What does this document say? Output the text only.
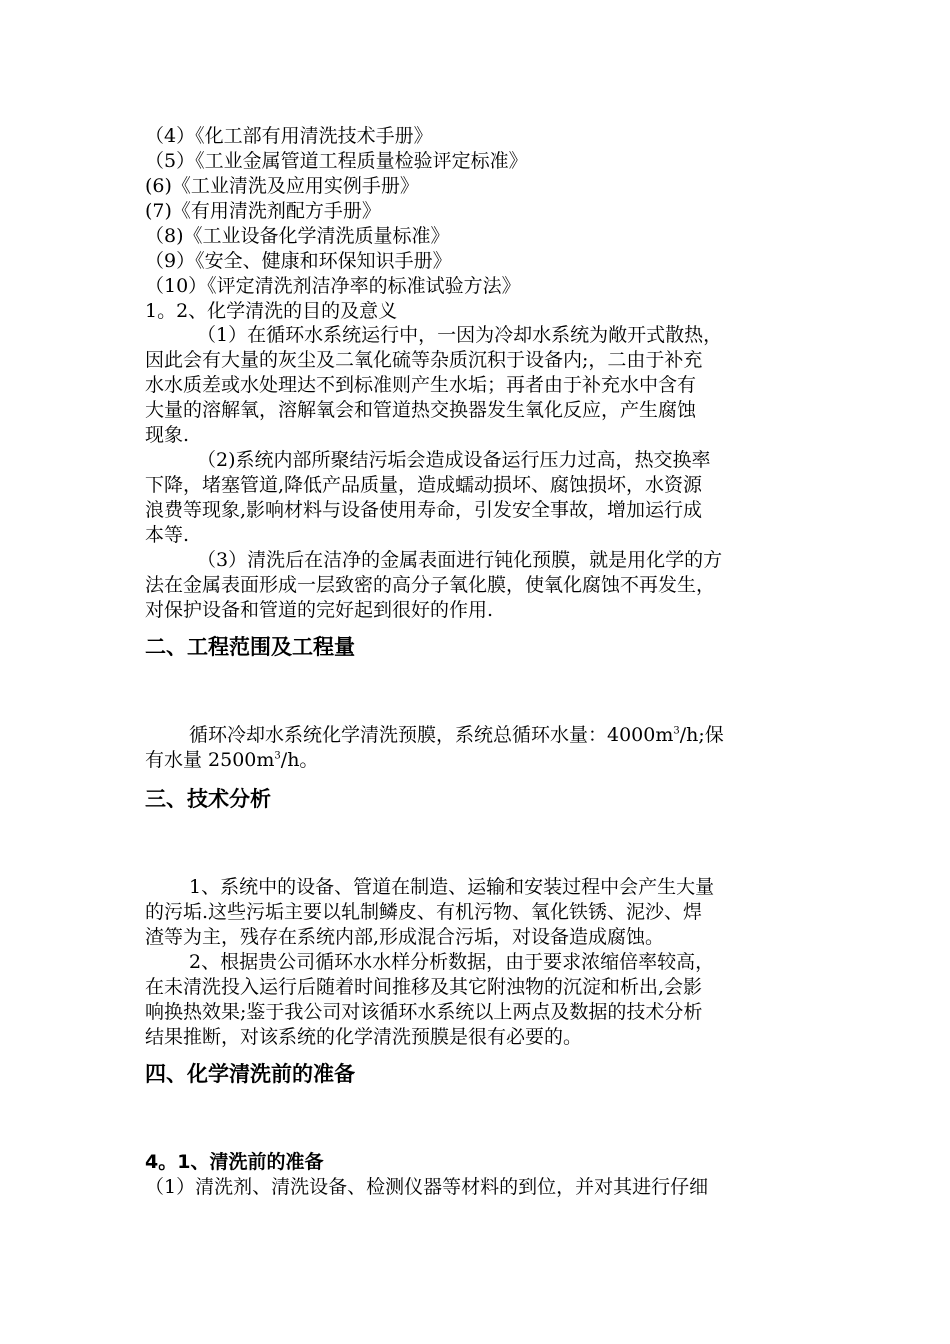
（4）《化工部有用清洗技术手册》
（5）《工业金属管道工程质量检验评定标准》
(6)《工业清洗及应用实例手册》
(7)《有用清洗剂配方手册》
（8)《工业设备化学清洗质量标准》
（9）《安全、健康和环保知识手册》
（10）《评定清洗剂洁净率的标准试验方法》
1。2、化学清洗的目的及意义
（1）在循环水系统运行中，一因为冷却水系统为敞开式散热，
因此会有大量的灰尘及二氧化硫等杂质沉积于设备内;，二由于补充
水水质差或水处理达不到标准则产生水垢；再者由于补充水中含有
大量的溶解氧，溶解氧会和管道热交换器发生氧化反应，产生腐蚀
现象.
（2)系统内部所聚结污垢会造成设备运行压力过高，热交换率
下降，堵塞管道,降低产品质量，造成蠕动损坏、腐蚀损坏，水资源
浪费等现象,影响材料与设备使用寿命，引发安全事故，增加运行成
本等.
（3）清洗后在洁净的金属表面进行钝化预膜，就是用化学的方
法在金属表面形成一层致密的高分子氧化膜，使氧化腐蚀不再发生，
对保护设备和管道的完好起到很好的作用.
二、工程范围及工程量
循环冷却水系统化学清洗预膜，系统总循环水量：$4000m^3/h$;保
有水量 $2500m^3/h$。
三、技术分析
1、系统中的设备、管道在制造、运输和安装过程中会产生大量
的污垢.这些污垢主要以轧制鳞皮、有机污物、氧化铁锈、泥沙、焊
渣等为主，残存在系统内部,形成混合污垢，对设备造成腐蚀。
2、根据贵公司循环水水样分析数据，由于要求浓缩倍率较高，
在未清洗投入运行后随着时间推移及其它附浊物的沉淀和析出,会影
响换热效果;鉴于我公司对该循环水系统以上两点及数据的技术分析
结果推断，对该系统的化学清洗预膜是很有必要的。
四、化学清洗前的准备
4。1、清洗前的准备
（1）清洗剂、清洗设备、检测仪器等材料的到位，并对其进行仔细
